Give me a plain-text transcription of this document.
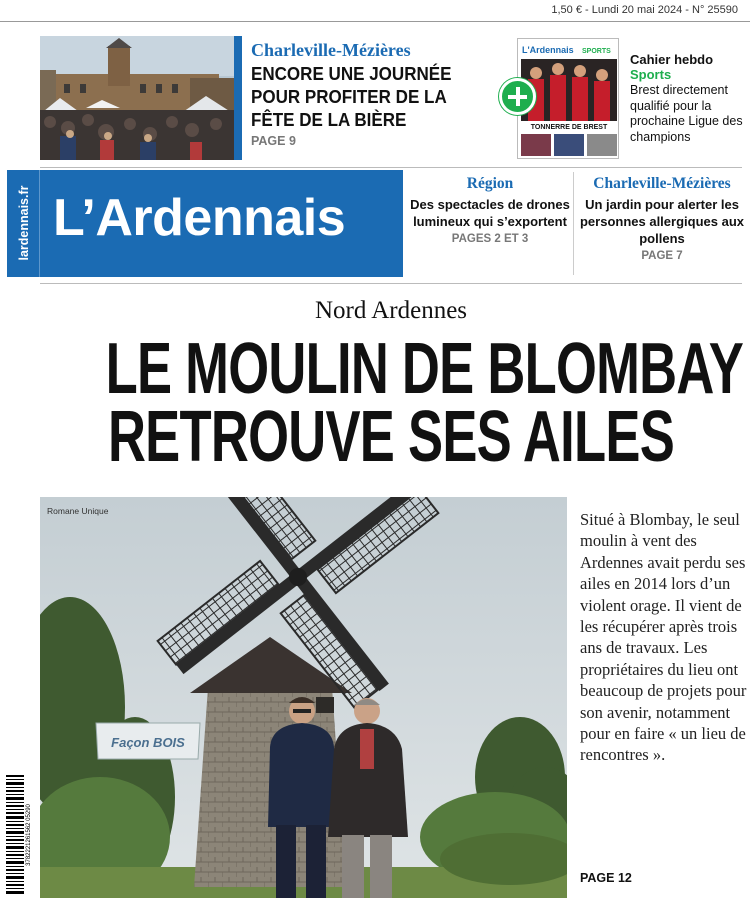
1,50 € - Lundi 20 mai 2024 - N° 25590
Charleville-Mézières
ENCORE UNE JOURNÉE POUR PROFITER DE LA FÊTE DE LA BIÈRE
PAGE 9
L'Ardennais SPORTS
TONNERRE DE BREST
Cahier hebdo
Sports
Brest directement qualifié pour la prochaine Ligue des champions
lardennais.fr L’Ardennais
Région
Des spectacles de drones lumineux qui s’exportent
PAGES 2 ET 3
Charleville-Mézières
Un jardin pour alerter les personnes allergiques aux pollens
PAGE 7
Nord Ardennes
LE MOULIN DE BLOMBAY
RETROUVE SES AILES
Façon BOIS
Romane Unique	Situé à Blombay, le seul moulin à vent des Ardennes avait perdu ses ailes en 2014 lors d’un violent orage. Il vient de les récupérer après trois ans de travaux. Les propriétaires du lieu ont beaucoup de projets pour son avenir, notamment pour en faire « un lieu de rencontres ».
PAGE 12
3782221261562 05290
